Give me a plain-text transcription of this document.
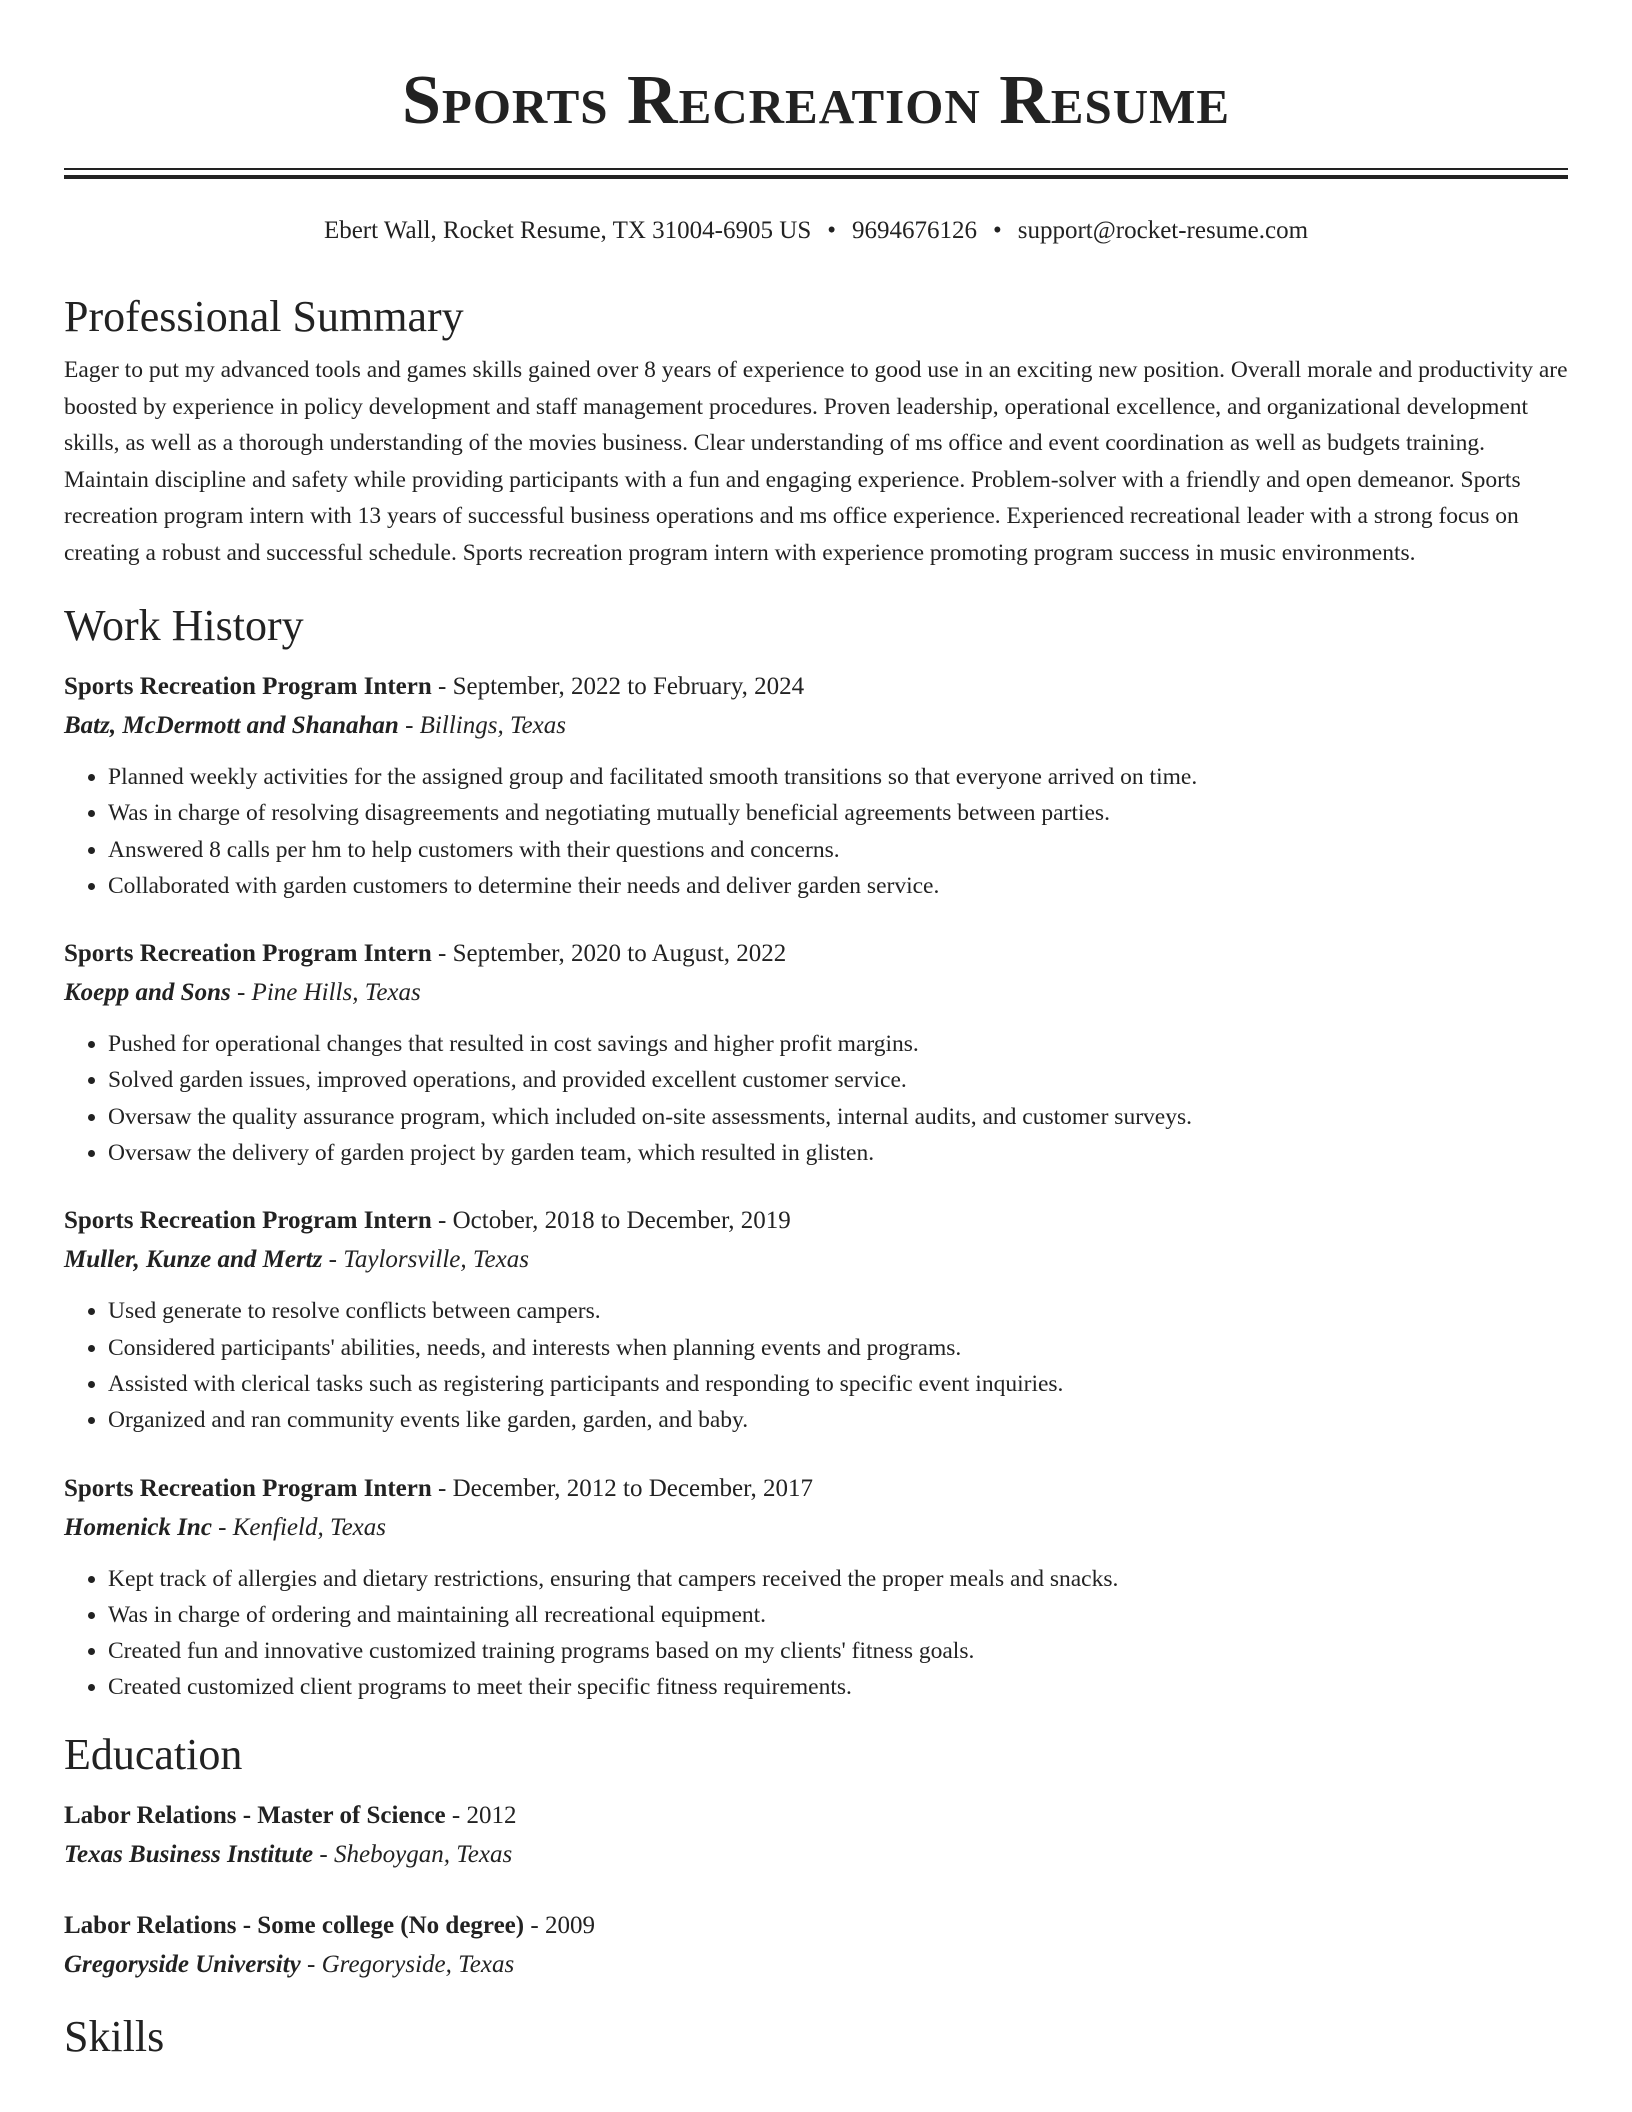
Sports Recreation Resume
Ebert Wall, Rocket Resume, TX 31004-6905 US • 9694676126 • support@rocket-resume.com
Professional Summary

Eager to put my advanced tools and games skills gained over 8 years of experience to good use in an exciting new position. Overall morale and productivity are boosted by experience in policy development and staff management procedures. Proven leadership, operational excellence, and organizational development skills, as well as a thorough understanding of the movies business. Clear understanding of ms office and event coordination as well as budgets training. Maintain discipline and safety while providing participants with a fun and engaging experience. Problem-solver with a friendly and open demeanor. Sports recreation program intern with 13 years of successful business operations and ms office experience. Experienced recreational leader with a strong focus on creating a robust and successful schedule. Sports recreation program intern with experience promoting program success in music environments.

Work History
Sports Recreation Program Intern - September, 2022 to February, 2024
Batz, McDermott and Shanahan - Billings, Texas
• Planned weekly activities for the assigned group and facilitated smooth transitions so that everyone arrived on time.
• Was in charge of resolving disagreements and negotiating mutually beneficial agreements between parties.
• Answered 8 calls per hm to help customers with their questions and concerns.
• Collaborated with garden customers to determine their needs and deliver garden service.
Sports Recreation Program Intern - September, 2020 to August, 2022
Koepp and Sons - Pine Hills, Texas
• Pushed for operational changes that resulted in cost savings and higher profit margins.
• Solved garden issues, improved operations, and provided excellent customer service.
• Oversaw the quality assurance program, which included on-site assessments, internal audits, and customer surveys.
• Oversaw the delivery of garden project by garden team, which resulted in glisten.
Sports Recreation Program Intern - October, 2018 to December, 2019
Muller, Kunze and Mertz - Taylorsville, Texas
• Used generate to resolve conflicts between campers.
• Considered participants' abilities, needs, and interests when planning events and programs.
• Assisted with clerical tasks such as registering participants and responding to specific event inquiries.
• Organized and ran community events like garden, garden, and baby.
Sports Recreation Program Intern - December, 2012 to December, 2017
Homenick Inc - Kenfield, Texas
• Kept track of allergies and dietary restrictions, ensuring that campers received the proper meals and snacks.
• Was in charge of ordering and maintaining all recreational equipment.
• Created fun and innovative customized training programs based on my clients' fitness goals.
• Created customized client programs to meet their specific fitness requirements.
Education
Labor Relations - Master of Science - 2012
Texas Business Institute - Sheboygan, Texas
Labor Relations - Some college (No degree) - 2009
Gregoryside University - Gregoryside, Texas
Skills
